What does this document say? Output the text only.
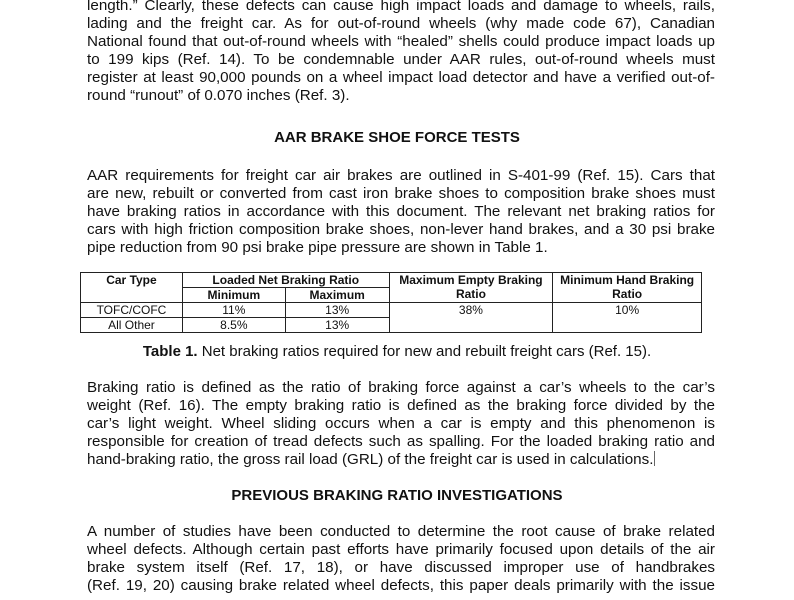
length.” Clearly, these defects can cause high impact loads and damage to wheels, rails,
lading and the freight car. As for out-of-round wheels (why made code 67), Canadian
National found that out-of-round wheels with “healed” shells could produce impact loads up
to 199 kips (Ref. 14). To be condemnable under AAR rules, out-of-round wheels must
register at least 90,000 pounds on a wheel impact load detector and have a verified out-of-
round “runout” of 0.070 inches (Ref. 3).
AAR BRAKE SHOE FORCE TESTS
AAR requirements for freight car air brakes are outlined in S-401-99 (Ref. 15). Cars that
are new, rebuilt or converted from cast iron brake shoes to composition brake shoes must
have braking ratios in accordance with this document. The relevant net braking ratios for
cars with high friction composition brake shoes, non-lever hand brakes, and a 30 psi brake
pipe reduction from 90 psi brake pipe pressure are shown in Table 1.
Car Type	Loaded Net Braking Ratio		Maximum Empty Braking Ratio	Minimum Hand Braking Ratio
	Minimum	Maximum		
TOFC/COFC	11%	13%	38%	10%
All Other	8.5%	13%		
Table 1. Net braking ratios required for new and rebuilt freight cars (Ref. 15).
Braking ratio is defined as the ratio of braking force against a car’s wheels to the car’s
weight (Ref. 16). The empty braking ratio is defined as the braking force divided by the
car’s light weight. Wheel sliding occurs when a car is empty and this phenomenon is
responsible for creation of tread defects such as spalling. For the loaded braking ratio and
hand-braking ratio, the gross rail load (GRL) of the freight car is used in calculations.
PREVIOUS BRAKING RATIO INVESTIGATIONS
A number of studies have been conducted to determine the root cause of brake related
wheel defects. Although certain past efforts have primarily focused upon details of the air
brake system itself (Ref. 17, 18), or have discussed improper use of handbrakes
(Ref. 19, 20) causing brake related wheel defects, this paper deals primarily with the issue
